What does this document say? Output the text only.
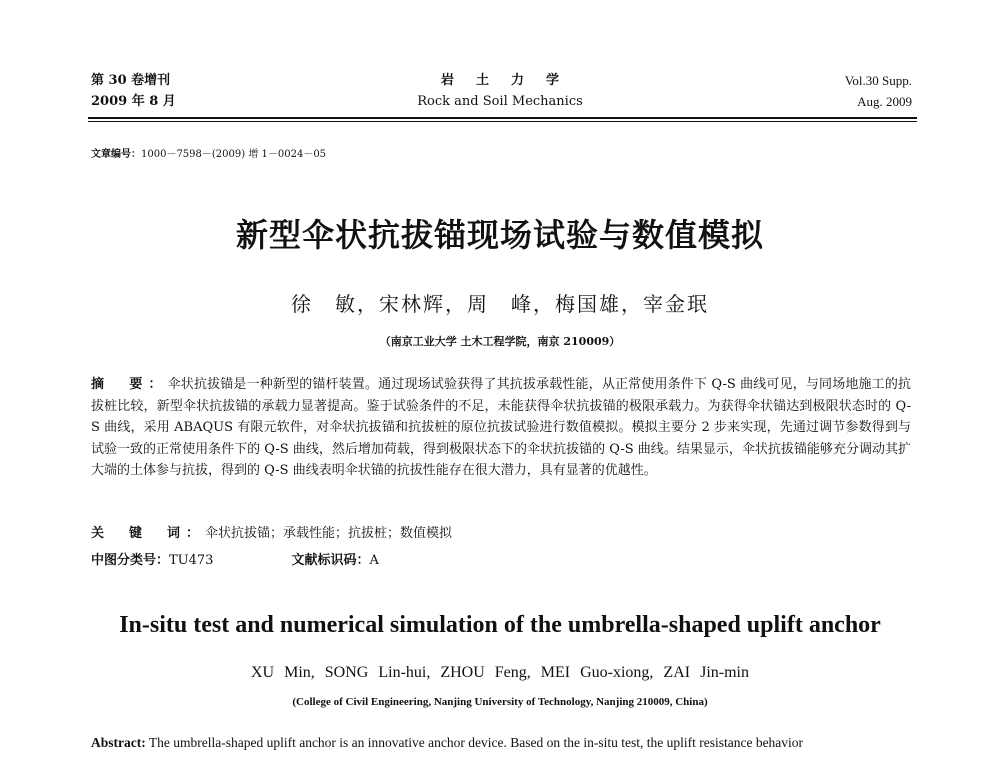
第 30 卷增刊
2009 年 8 月
岩土力学
Rock and Soil Mechanics
Vol.30 Supp.
Aug. 2009
文章编号：1000－7598－(2009) 增 1－0024－05
新型伞状抗拔锚现场试验与数值模拟
徐　敏，宋林辉，周　峰，梅国雄，宰金珉
（南京工业大学 土木工程学院，南京 210009）
摘　要：伞状抗拔锚是一种新型的锚杆装置。通过现场试验获得了其抗拔承载性能，从正常使用条件下 Q-S 曲线可见，与同场地施工的抗拔桩比较，新型伞状抗拔锚的承载力显著提高。鉴于试验条件的不足，未能获得伞状抗拔锚的极限承载力。为获得伞状锚达到极限状态时的 Q-S 曲线，采用 ABAQUS 有限元软件，对伞状抗拔锚和抗拔桩的原位抗拔试验进行数值模拟。模拟主要分 2 步来实现，先通过调节参数得到与试验一致的正常使用条件下的 Q-S 曲线，然后增加荷载，得到极限状态下的伞状抗拔锚的 Q-S 曲线。结果显示，伞状抗拔锚能够充分调动其扩大端的土体参与抗拔，得到的 Q-S 曲线表明伞状锚的抗拔性能存在很大潜力，具有显著的优越性。
关　键　词：伞状抗拔锚；承载性能；抗拔桩；数值模拟
中图分类号：TU473	文献标识码：A
In-situ test and numerical simulation of the umbrella-shaped uplift anchor
XU Min, SONG Lin-hui, ZHOU Feng, MEI Guo-xiong, ZAI Jin-min
(College of Civil Engineering, Nanjing University of Technology, Nanjing 210009, China)
Abstract: The umbrella-shaped uplift anchor is an innovative anchor device. Based on the in-situ test, the uplift resistance behavior
